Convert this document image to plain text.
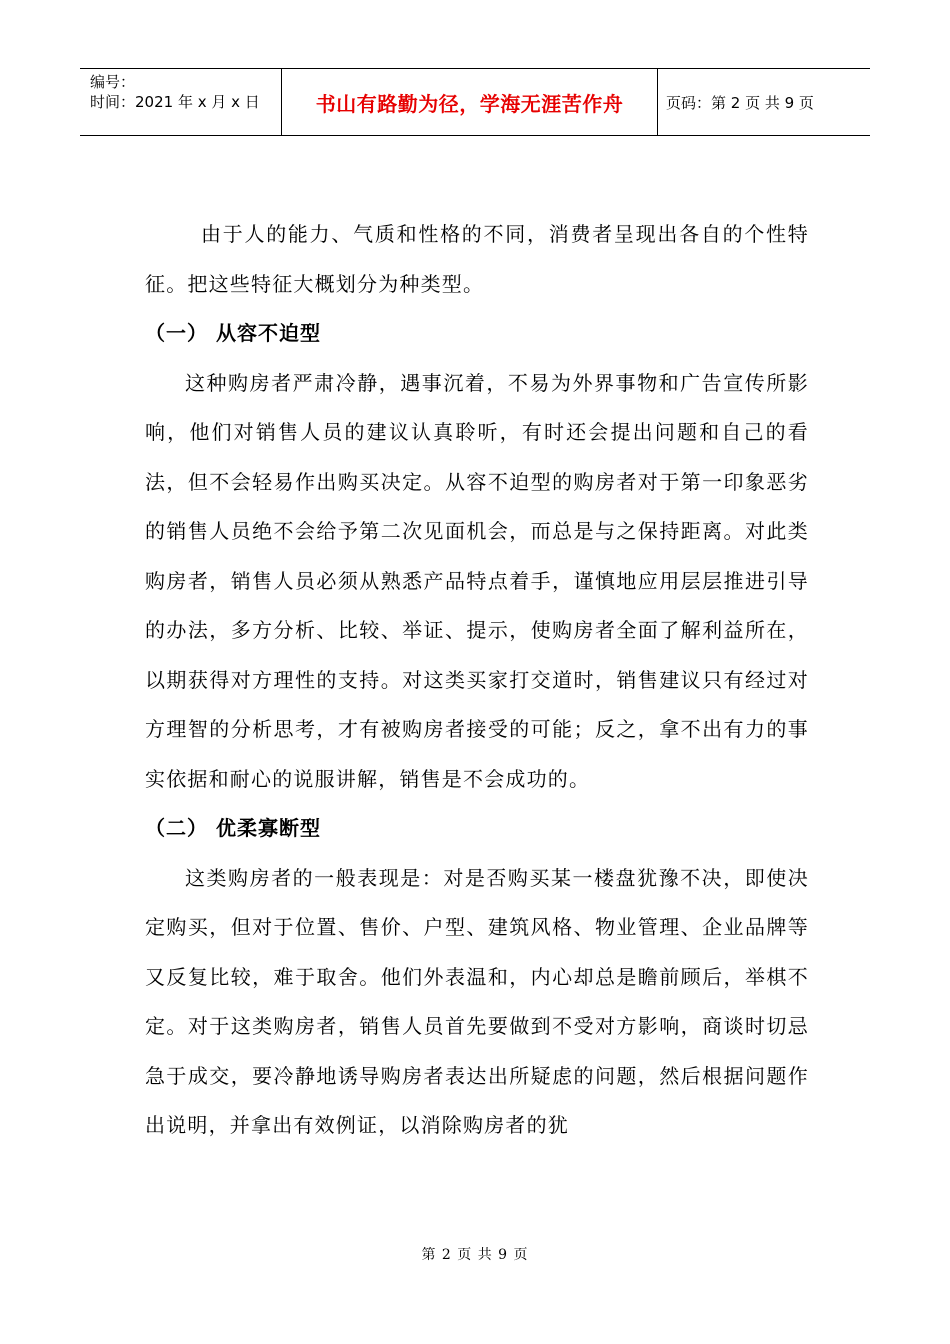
编号：
时间：2021 年 x 月 x 日	书山有路勤为径，学海无涯苦作舟	页码：第 2 页 共 9 页

由于人的能力、气质和性格的不同，消费者呈现出各自的个性特征。把这些特征大概划分为种类型。

（一） 从容不迫型

这种购房者严肃冷静，遇事沉着，不易为外界事物和广告宣传所影响，他们对销售人员的建议认真聆听，有时还会提出问题和自己的看法，但不会轻易作出购买决定。从容不迫型的购房者对于第一印象恶劣的销售人员绝不会给予第二次见面机会，而总是与之保持距离。对此类购房者，销售人员必须从熟悉产品特点着手，谨慎地应用层层推进引导的办法，多方分析、比较、举证、提示，使购房者全面了解利益所在，以期获得对方理性的支持。对这类买家打交道时，销售建议只有经过对方理智的分析思考，才有被购房者接受的可能；反之，拿不出有力的事实依据和耐心的说服讲解，销售是不会成功的。

（二） 优柔寡断型

这类购房者的一般表现是：对是否购买某一楼盘犹豫不决，即使决定购买，但对于位置、售价、户型、建筑风格、物业管理、企业品牌等又反复比较，难于取舍。他们外表温和，内心却总是瞻前顾后，举棋不定。对于这类购房者，销售人员首先要做到不受对方影响，商谈时切忌急于成交，要冷静地诱导购房者表达出所疑虑的问题，然后根据问题作出说明，并拿出有效例证，以消除购房者的犹

第 2 页 共 9 页
